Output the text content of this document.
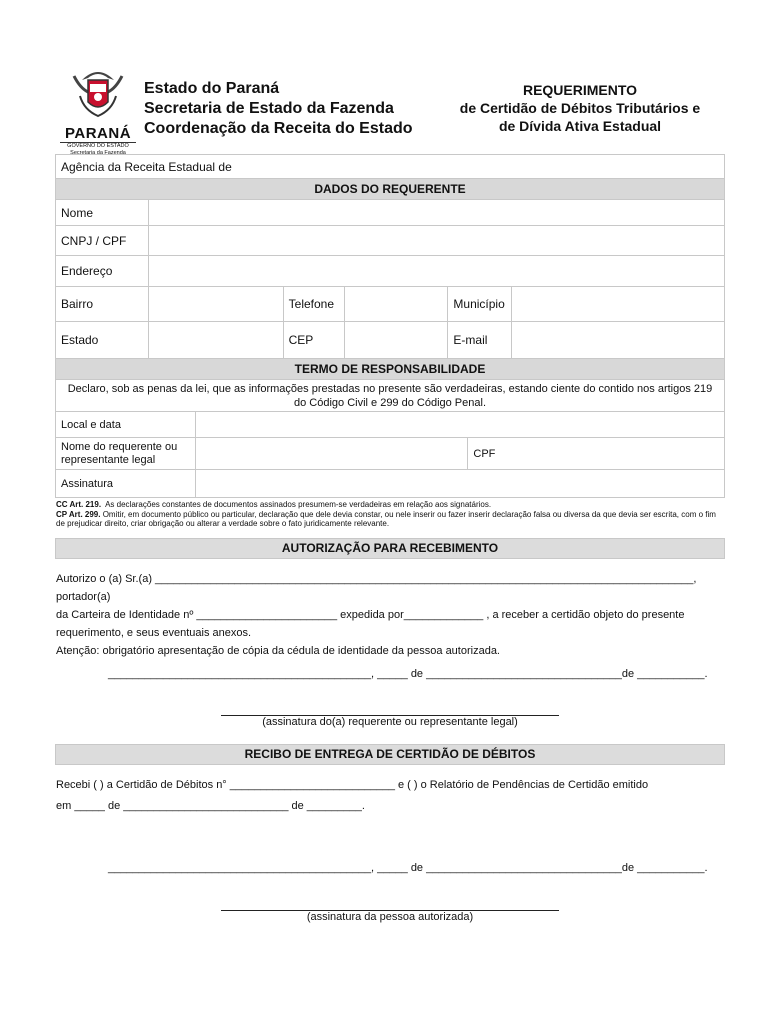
PARANÁ
GOVERNO DO ESTADO
Secretaria da Fazenda
Estado do Paraná
Secretaria de Estado da Fazenda
Coordenação da Receita do Estado
REQUERIMENTO
de Certidão de Débitos Tributários e
de Dívida Ativa Estadual
Agência da Receita Estadual de					
DADOS DO REQUERENTE					
Nome					
CNPJ / CPF					
Endereço					
Bairro		Telefone		Município	
Estado		CEP		E-mail	
TERMO DE RESPONSABILIDADE		
Declaro, sob as penas da lei, que as informações prestadas no presente são verdadeiras, estando ciente do contido nos artigos 219 do Código Civil e 299 do Código Penal.		
Local e data		
Nome do requerente ou representante legal		CPF
Assinatura		
CC Art. 219. As declarações constantes de documentos assinados presumem-se verdadeiras em relação aos signatários.
CP Art. 299. Omitir, em documento público ou particular, declaração que dele devia constar, ou nele inserir ou fazer inserir declaração falsa ou diversa da que devia ser escrita, com o fim de prejudicar direito, criar obrigação ou alterar a verdade sobre o fato juridicamente relevante.
AUTORIZAÇÃO PARA RECEBIMENTO
Autorizo o (a) Sr.(a) ________________________________________________________________________________________, portador(a)
da Carteira de Identidade nº _______________________ expedida por_____________ , a receber a certidão objeto do presente
requerimento, e seus eventuais anexos.
Atenção: obrigatório apresentação de cópia da cédula de identidade da pessoa autorizada.
___________________________________________, _____ de ________________________________de ___________.
(assinatura do(a) requerente ou representante legal)
RECIBO DE ENTREGA DE CERTIDÃO DE DÉBITOS
Recebi ( ) a Certidão de Débitos n° ___________________________ e ( ) o Relatório de Pendências de Certidão emitido
em _____ de ___________________________ de _________.
___________________________________________, _____ de ________________________________de ___________.
(assinatura da pessoa autorizada)
